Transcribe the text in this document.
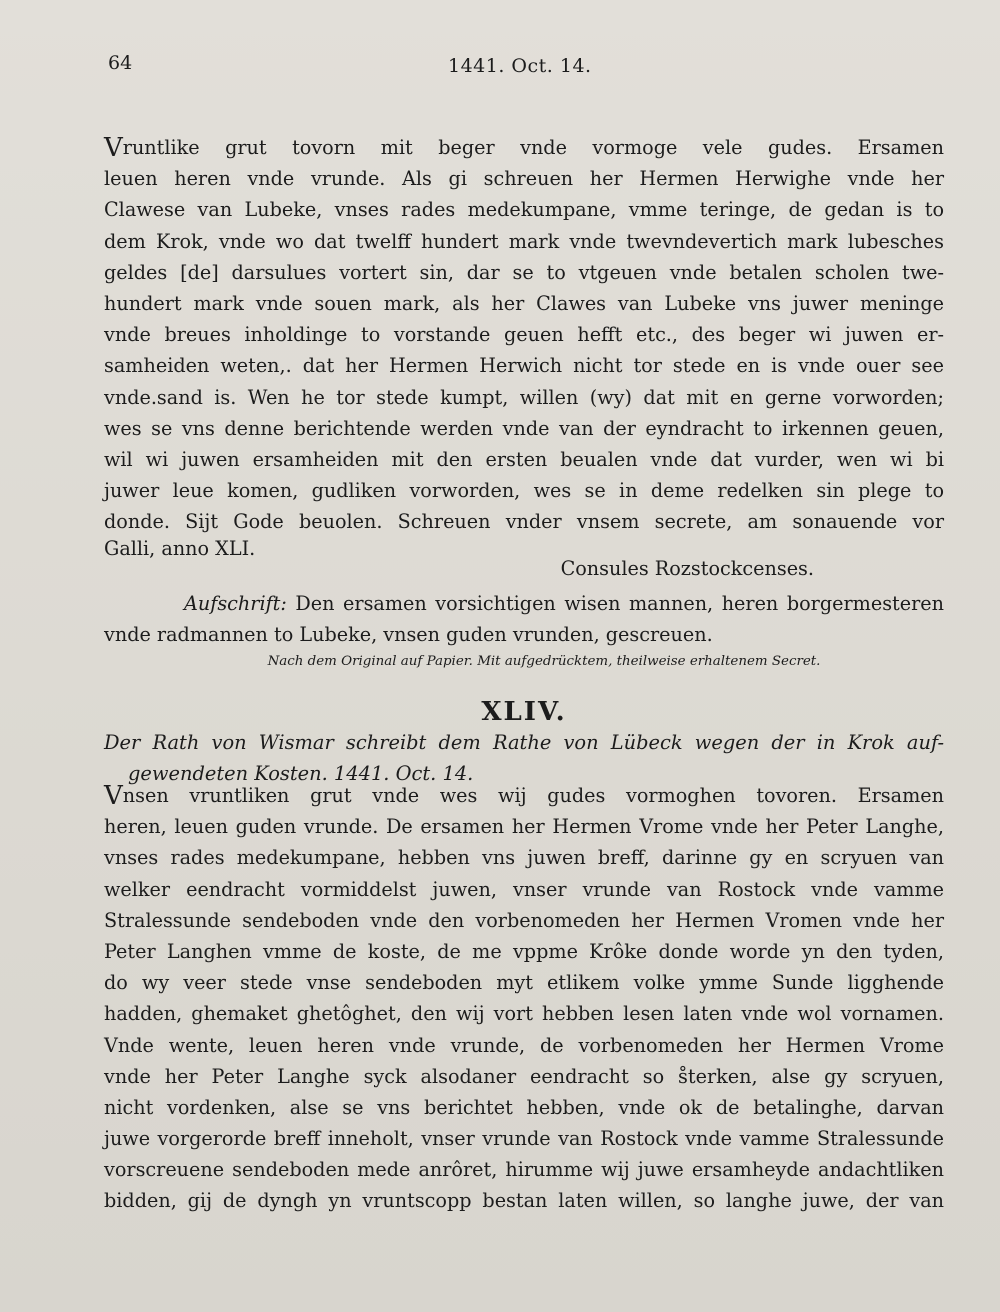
64	1441. Oct. 14.
Vruntlike grut tovorn mit beger vnde vormoge vele gudes. Ersamen
leuen heren vnde vrunde. Als gi schreuen her Hermen Herwighe vnde her
Clawese van Lubeke, vnses rades medekumpane, vmme teringe, de gedan is to
dem Krok, vnde wo dat twelff hundert mark vnde twevndevertich mark lubesches
geldes [de] darsulues vortert sin, dar se to vtgeuen vnde betalen scholen twe-
hundert mark vnde souen mark, als her Clawes van Lubeke vns juwer meninge
vnde breues inholdinge to vorstande geuen hefft etc., des beger wi juwen er-
samheiden weten,. dat her Hermen Herwich nicht tor stede en is vnde ouer see
vnde.sand is. Wen he tor stede kumpt, willen (wy) dat mit en gerne vorworden;
wes se vns denne berichtende werden vnde van der eyndracht to irkennen geuen,
wil wi juwen ersamheiden mit den ersten beualen vnde dat vurder, wen wi bi
juwer leue komen, gudliken vorworden, wes se in deme redelken sin plege to
donde. Sijt Gode beuolen. Schreuen vnder vnsem secrete, am sonauende vor
Galli, anno XLI.
Consules Rozstockcenses.
Aufschrift: Den ersamen vorsichtigen wisen mannen, heren borgermesteren
vnde radmannen to Lubeke, vnsen guden vrunden, gescreuen.
Nach dem Original auf Papier. Mit aufgedrücktem, theilweise erhaltenem Secret.
XLIV.
Der Rath von Wismar schreibt dem Rathe von Lübeck wegen der in Krok auf-
gewendeten Kosten. 1441. Oct. 14.
Vnsen vruntliken grut vnde wes wij gudes vormoghen tovoren. Ersamen
heren, leuen guden vrunde. De ersamen her Hermen Vrome vnde her Peter Langhe,
vnses rades medekumpane, hebben vns juwen breff, darinne gy en scryuen van
welker eendracht vormiddelst juwen, vnser vrunde van Rostock vnde vamme
Stralessunde sendeboden vnde den vorbenomeden her Hermen Vromen vnde her
Peter Langhen vmme de koste, de me vppme Krôke donde worde yn den tyden,
do wy veer stede vnse sendeboden myt etlikem volke ymme Sunde ligghende
hadden, ghemaket ghetôghet, den wij vort hebben lesen laten vnde wol vornamen.
Vnde wente, leuen heren vnde vrunde, de vorbenomeden her Hermen Vrome
vnde her Peter Langhe syck alsodaner eendracht so s̊terken, alse gy scryuen,
nicht vordenken, alse se vns berichtet hebben, vnde ok de betalinghe, darvan
juwe vorgerorde breff inneholt, vnser vrunde van Rostock vnde vamme Stralessunde
vorscreuene sendeboden mede anrôret, hirumme wij juwe ersamheyde andachtliken
bidden, gij de dyngh yn vruntscopp bestan laten willen, so langhe juwe, der van
